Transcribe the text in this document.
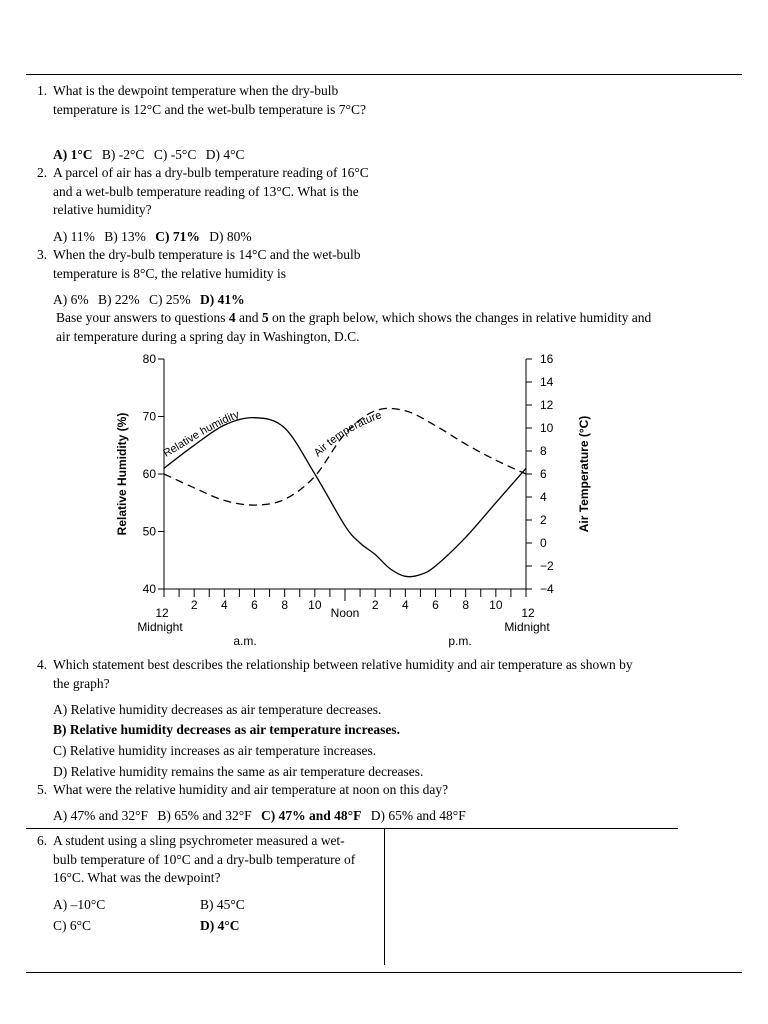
1. What is the dewpoint temperature when the dry-bulb temperature is 12°C and the wet-bulb temperature is 7°C?
A) 1°C B) -2°C C) -5°C D) 4°C
2. A parcel of air has a dry-bulb temperature reading of 16°C and a wet-bulb temperature reading of 13°C. What is the relative humidity?
A) 11% B) 13% C) 71% D) 80%
3. When the dry-bulb temperature is 14°C and the wet-bulb temperature is 8°C, the relative humidity is
A) 6% B) 22% C) 25% D) 41%
Base your answers to questions 4 and 5 on the graph below, which shows the changes in relative humidity and air temperature during a spring day in Washington, D.C.
Relative Humidity (%)	Air Temperature (°C)
Midnight	Midnight
a.m.	p.m.
Relative humidity
Air temperature
80
70
60
50
40
16
14
12
10
8
6
4
2
0
−2
−4
12
2 4 6 8 10
Noon
2 4 6 8 10
12
4. Which statement best describes the relationship between relative humidity and air temperature as shown by the graph?
A) Relative humidity decreases as air temperature decreases.
B) Relative humidity decreases as air temperature increases.
C) Relative humidity increases as air temperature increases.
D) Relative humidity remains the same as air temperature decreases.
5. What were the relative humidity and air temperature at noon on this day?
A) 47% and 32°F B) 65% and 32°F C) 47% and 48°F D) 65% and 48°F
6. A student using a sling psychrometer measured a wet-bulb temperature of 10°C and a dry-bulb temperature of 16°C. What was the dewpoint?
A) –10°C	B) 45°C
C) 6°C	D) 4°C
